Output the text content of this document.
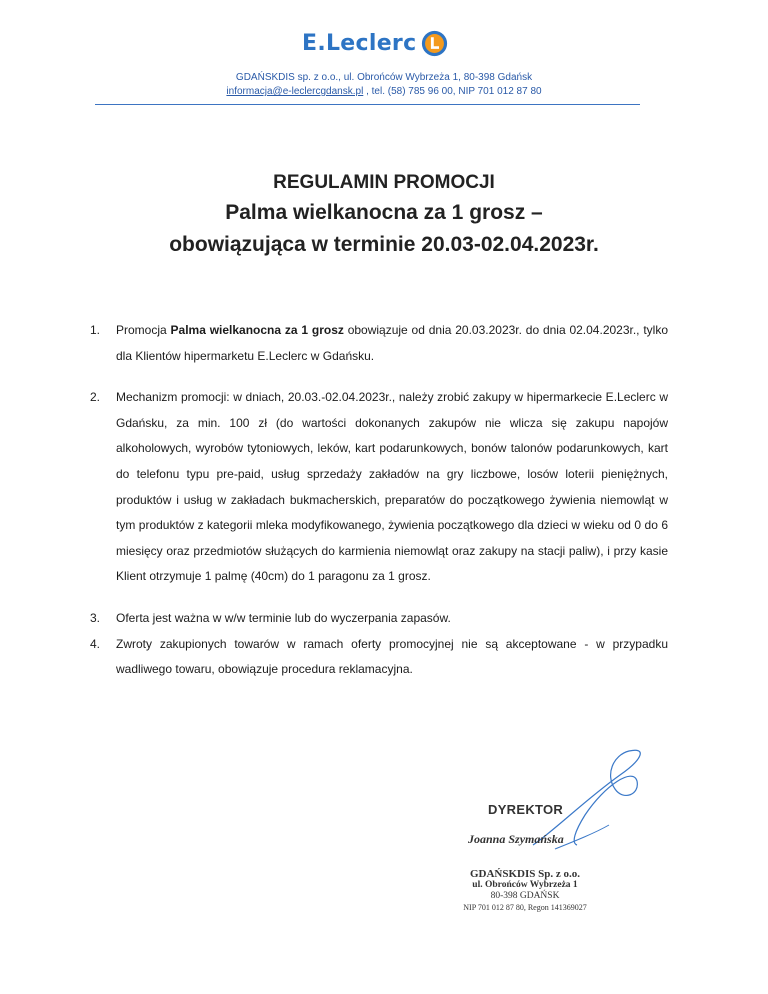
E.Leclerc
GDAŃSKDIS sp. z o.o., ul. Obrońców Wybrzeża 1, 80-398 Gdańsk
informacja@e-leclercgdansk.pl , tel. (58) 785 96 00, NIP 701 012 87 80
REGULAMIN PROMOCJI
Palma wielkanocna za 1 grosz –
obowiązująca w terminie 20.03-02.04.2023r.
1.	Promocja Palma wielkanocna za 1 grosz obowiązuje od dnia 20.03.2023r. do dnia 02.04.2023r., tylko dla Klientów hipermarketu E.Leclerc w Gdańsku.
2.	Mechanizm promocji: w dniach, 20.03.-02.04.2023r., należy zrobić zakupy w hipermarkecie E.Leclerc w Gdańsku, za min. 100 zł (do wartości dokonanych zakupów nie wlicza się zakupu napojów alkoholowych, wyrobów tytoniowych, leków, kart podarunkowych, bonów talonów podarunkowych, kart do telefonu typu pre-paid, usług sprzedaży zakładów na gry liczbowe, losów loterii pieniężnych, produktów i usług w zakładach bukmacherskich, preparatów do początkowego żywienia niemowląt w tym produktów z kategorii mleka modyfikowanego, żywienia początkowego dla dzieci w wieku od 0 do 6 miesięcy oraz przedmiotów służących do karmienia niemowląt oraz zakupy na stacji paliw), i przy kasie Klient otrzymuje 1 palmę (40cm) do 1 paragonu za 1 grosz.
3.	Oferta jest ważna w w/w terminie lub do wyczerpania zapasów.
4.	Zwroty zakupionych towarów w ramach oferty promocyjnej nie są akceptowane - w przypadku wadliwego towaru, obowiązuje procedura reklamacyjna.
DYREKTOR
Joanna Szymańska
GDAŃSKDIS Sp. z o.o.
ul. Obrońców Wybrzeża 1
80-398 GDAŃSK
NIP 701 012 87 80, Regon 141369027
